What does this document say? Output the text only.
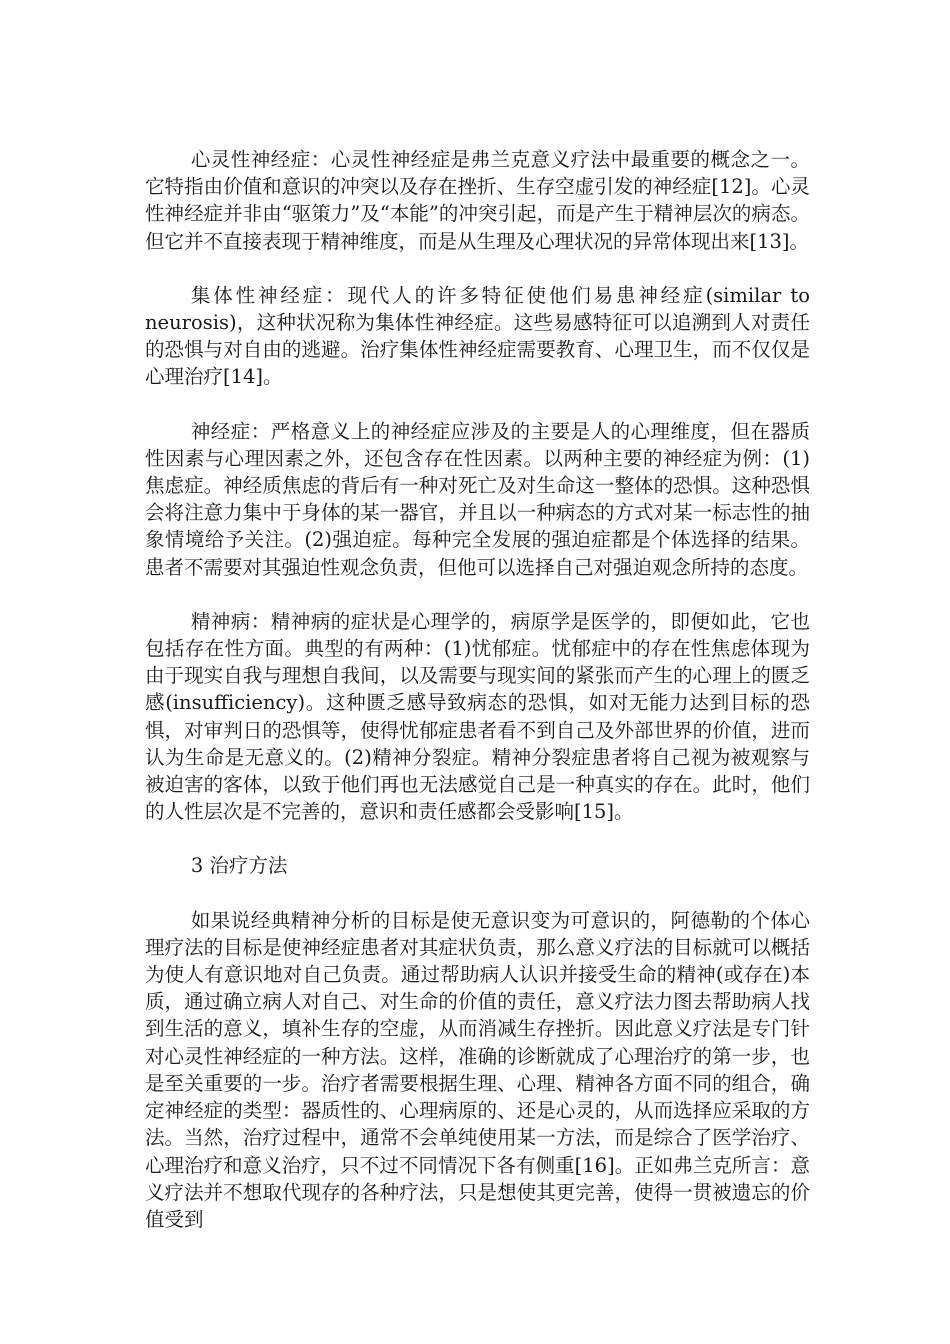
心灵性神经症：心灵性神经症是弗兰克意义疗法中最重要的概念之一。它特指由价值和意识的冲突以及存在挫折、生存空虚引发的神经症[12]。心灵性神经症并非由“驱策力”及“本能”的冲突引起，而是产生于精神层次的病态。但它并不直接表现于精神维度，而是从生理及心理状况的异常体现出来[13]。

集体性神经症：现代人的许多特征使他们易患神经症(similar to neurosis)，这种状况称为集体性神经症。这些易感特征可以追溯到人对责任的恐惧与对自由的逃避。治疗集体性神经症需要教育、心理卫生，而不仅仅是心理治疗[14]。

神经症：严格意义上的神经症应涉及的主要是人的心理维度，但在器质性因素与心理因素之外，还包含存在性因素。以两种主要的神经症为例：(1)焦虑症。神经质焦虑的背后有一种对死亡及对生命这一整体的恐惧。这种恐惧会将注意力集中于身体的某一器官，并且以一种病态的方式对某一标志性的抽象情境给予关注。(2)强迫症。每种完全发展的强迫症都是个体选择的结果。患者不需要对其强迫性观念负责，但他可以选择自己对强迫观念所持的态度。

精神病：精神病的症状是心理学的，病原学是医学的，即便如此，它也包括存在性方面。典型的有两种：(1)忧郁症。忧郁症中的存在性焦虑体现为由于现实自我与理想自我间，以及需要与现实间的紧张而产生的心理上的匮乏感(insufficiency)。这种匮乏感导致病态的恐惧，如对无能力达到目标的恐惧，对审判日的恐惧等，使得忧郁症患者看不到自己及外部世界的价值，进而认为生命是无意义的。(2)精神分裂症。精神分裂症患者将自己视为被观察与被迫害的客体，以致于他们再也无法感觉自己是一种真实的存在。此时，他们的人性层次是不完善的，意识和责任感都会受影响[15]。

3 治疗方法

如果说经典精神分析的目标是使无意识变为可意识的，阿德勒的个体心理疗法的目标是使神经症患者对其症状负责，那么意义疗法的目标就可以概括为使人有意识地对自己负责。通过帮助病人认识并接受生命的精神(或存在)本质，通过确立病人对自己、对生命的价值的责任，意义疗法力图去帮助病人找到生活的意义，填补生存的空虚，从而消减生存挫折。因此意义疗法是专门针对心灵性神经症的一种方法。这样，准确的诊断就成了心理治疗的第一步，也是至关重要的一步。治疗者需要根据生理、心理、精神各方面不同的组合，确定神经症的类型：器质性的、心理病原的、还是心灵的，从而选择应采取的方法。当然，治疗过程中，通常不会单纯使用某一方法，而是综合了医学治疗、心理治疗和意义治疗，只不过不同情况下各有侧重[16]。正如弗兰克所言：意义疗法并不想取代现存的各种疗法，只是想使其更完善，使得一贯被遗忘的价值受到
